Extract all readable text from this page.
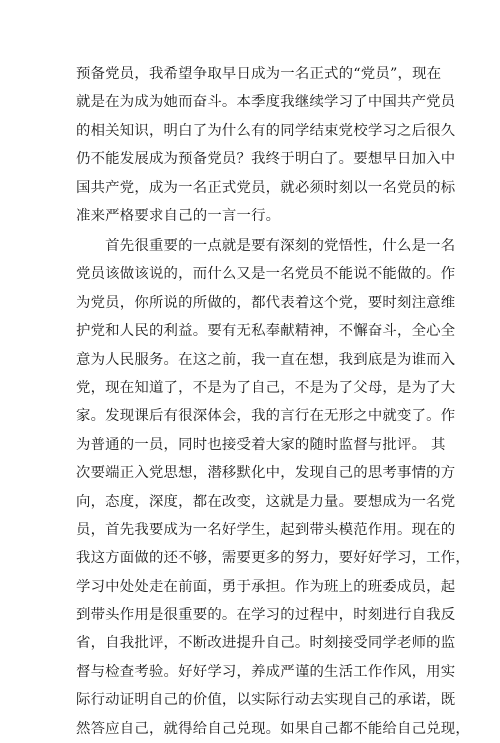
预备党员，我希望争取早日成为一名正式的“党员”，现在
就是在为成为她而奋斗。本季度我继续学习了中国共产党员
的相关知识，明白了为什么有的同学结束党校学习之后很久
仍不能发展成为预备党员？我终于明白了。要想早日加入中
国共产党，成为一名正式党员，就必须时刻以一名党员的标
准来严格要求自己的一言一行。
　　首先很重要的一点就是要有深刻的党悟性，什么是一名
党员该做该说的，而什么又是一名党员不能说不能做的。作
为党员，你所说的所做的，都代表着这个党，要时刻注意维
护党和人民的利益。要有无私奉献精神，不懈奋斗，全心全
意为人民服务。在这之前，我一直在想，我到底是为谁而入
党，现在知道了，不是为了自己，不是为了父母，是为了大
家。发现课后有很深体会，我的言行在无形之中就变了。作
为普通的一员，同时也接受着大家的随时监督与批评。 其
次要端正入党思想，潜移默化中，发现自己的思考事情的方
向，态度，深度，都在改变，这就是力量。要想成为一名党
员，首先我要成为一名好学生，起到带头模范作用。现在的
我这方面做的还不够，需要更多的努力，要好好学习，工作，
学习中处处走在前面，勇于承担。作为班上的班委成员，起
到带头作用是很重要的。在学习的过程中，时刻进行自我反
省，自我批评，不断改进提升自己。时刻接受同学老师的监
督与检查考验。好好学习，养成严谨的生活工作作风，用实
际行动证明自己的价值，以实际行动去实现自己的承诺，既
然答应自己，就得给自己兑现。如果自己都不能给自己兑现，
